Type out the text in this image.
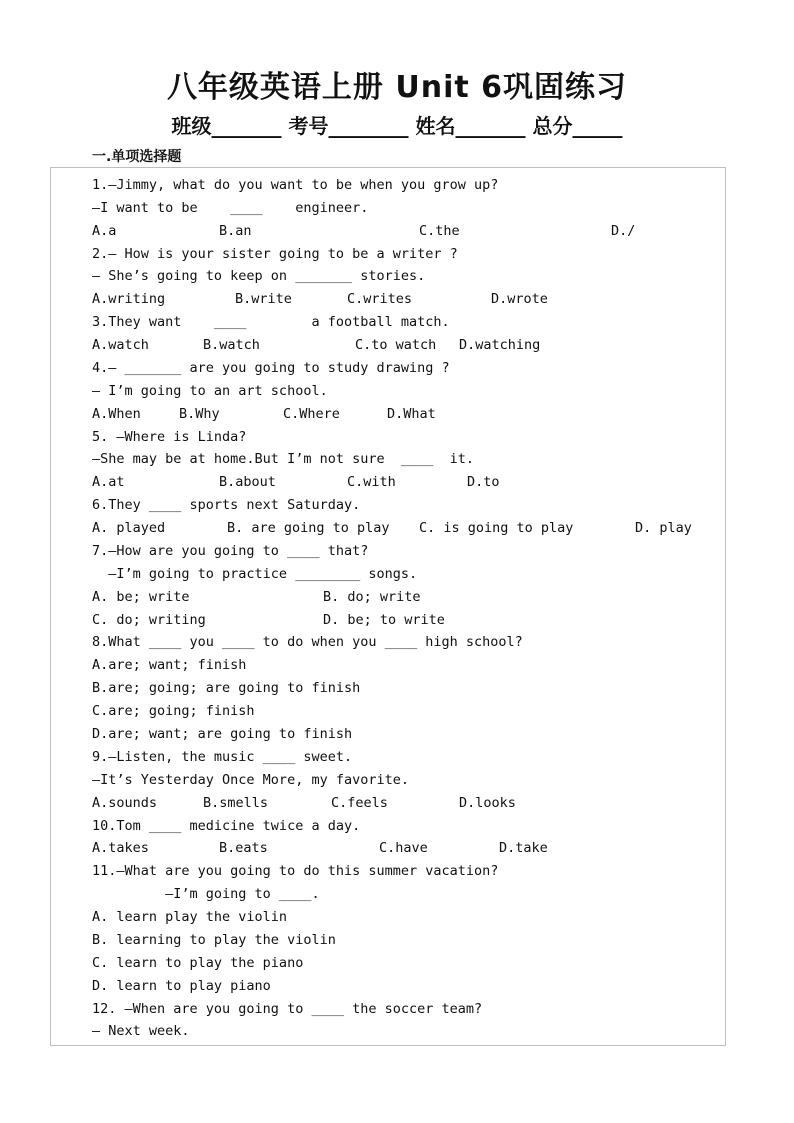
八年级英语上册 Unit 6巩固练习
班级_______ 考号________ 姓名_______ 总分_____
一.单项选择题
1.—Jimmy, what do you want to be when you grow up?
—I want to be    ____    engineer.

A.a

	B.an

	C.the

	D./

2.— How is your sister going to be a writer ?
— She’s going to keep on _______ stories.

A.writing

	B.write

	C.writes

	D.wrote

3.They want    ____        a football match.

A.watch

	B.watch

	C.to watch

D.watching

4.— _______ are you going to study drawing ?
— I’m going to an art school.

A.When

	B.Why

	C.Where

	D.What

5. —Where is Linda?
—She may be at home.But I’m not sure  ____  it.

A.at

	B.about

	C.with

	D.to

6.They ____ sports next Saturday.

A. played

	B. are going to play

C. is going to play

	D. play

7.—How are you going to ____ that?
—I’m going to practice ________ songs.

A. be; write

	B. do; write

C. do; writing

	D. be; to write

8.What ____ you ____ to do when you ____ high school?
A.are; want; finish
B.are; going; are going to finish
C.are; going; finish
D.are; want; are going to finish
9.—Listen, the music ____ sweet.
—It’s Yesterday Once More, my favorite.

A.sounds

	B.smells

	C.feels

	D.looks

10.Tom ____ medicine twice a day.

A.takes

	B.eats

	C.have

	D.take

11.—What are you going to do this summer vacation?
—I’m going to ____.
A. learn play the violin
B. learning to play the violin
C. learn to play the piano
D. learn to play piano
12. —When are you going to ____ the soccer team?
— Next week.
